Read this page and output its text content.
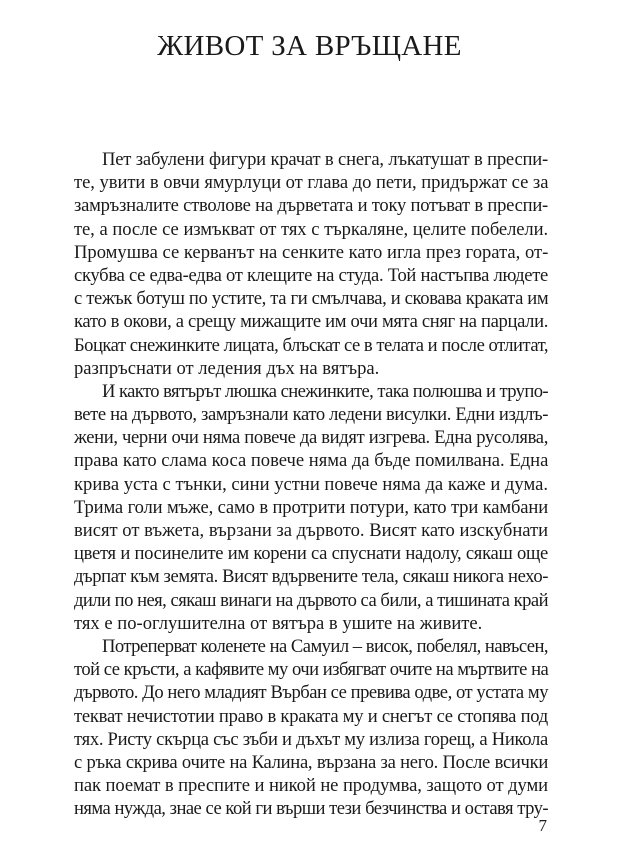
ЖИВОТ ЗА ВРЪЩАНЕ
Пет забулени фигури крачат в снега, лъкатушат в преспи-
те, увити в овчи ямурлуци от глава до пети, придържат се за
замръзналите стволове на дърветата и току потъват в преспи-
те, а после се измъкват от тях с търкаляне, целите побелели.
Промушва се керванът на сенките като игла през гората, от-
скубва се едва-едва от клещите на студа. Той настъпва людете
с тежък ботуш по устите, та ги смълчава, и сковава краката им
като в окови, а срещу мижащите им очи мята сняг на парцали.
Боцкат снежинките лицата, блъскат се в телата и после отлитат,
разпръснати от ледения дъх на вятъра.
И както вятърът люшка снежинките, така полюшва и трупо-
вете на дървото, замръзнали като ледени висулки. Едни издлъ-
жени, черни очи няма повече да видят изгрева. Една русолява,
права като слама коса повече няма да бъде помилвана. Една
крива уста с тънки, сини устни повече няма да каже и дума.
Трима голи мъже, само в протрити потури, като три камбани
висят от въжета, вързани за дървото. Висят като изскубнати
цветя и посинелите им корени са спуснати надолу, сякаш още
дърпат към земята. Висят вдървените тела, сякаш никога нехо-
дили по нея, сякаш винаги на дървото са били, а тишината край
тях е по-оглушителна от вятъра в ушите на живите.
Потреперват колeнете на Самуил – висок, побелял, навъсен,
той се кръсти, а кафявите му очи избягват очите на мъртвите на
дървото. До него младият Върбан се превива одве, от устата му
текват нечистотии право в краката му и снегът се стопява под
тях. Ристу скърца със зъби и дъхът му излиза горещ, а Никола
с ръка скрива очите на Калина, вързана за него. После всички
пак поемат в преспите и никой не продумва, защото от думи
няма нужда, знае се кой ги върши тези безчинства и оставя тру-
7
